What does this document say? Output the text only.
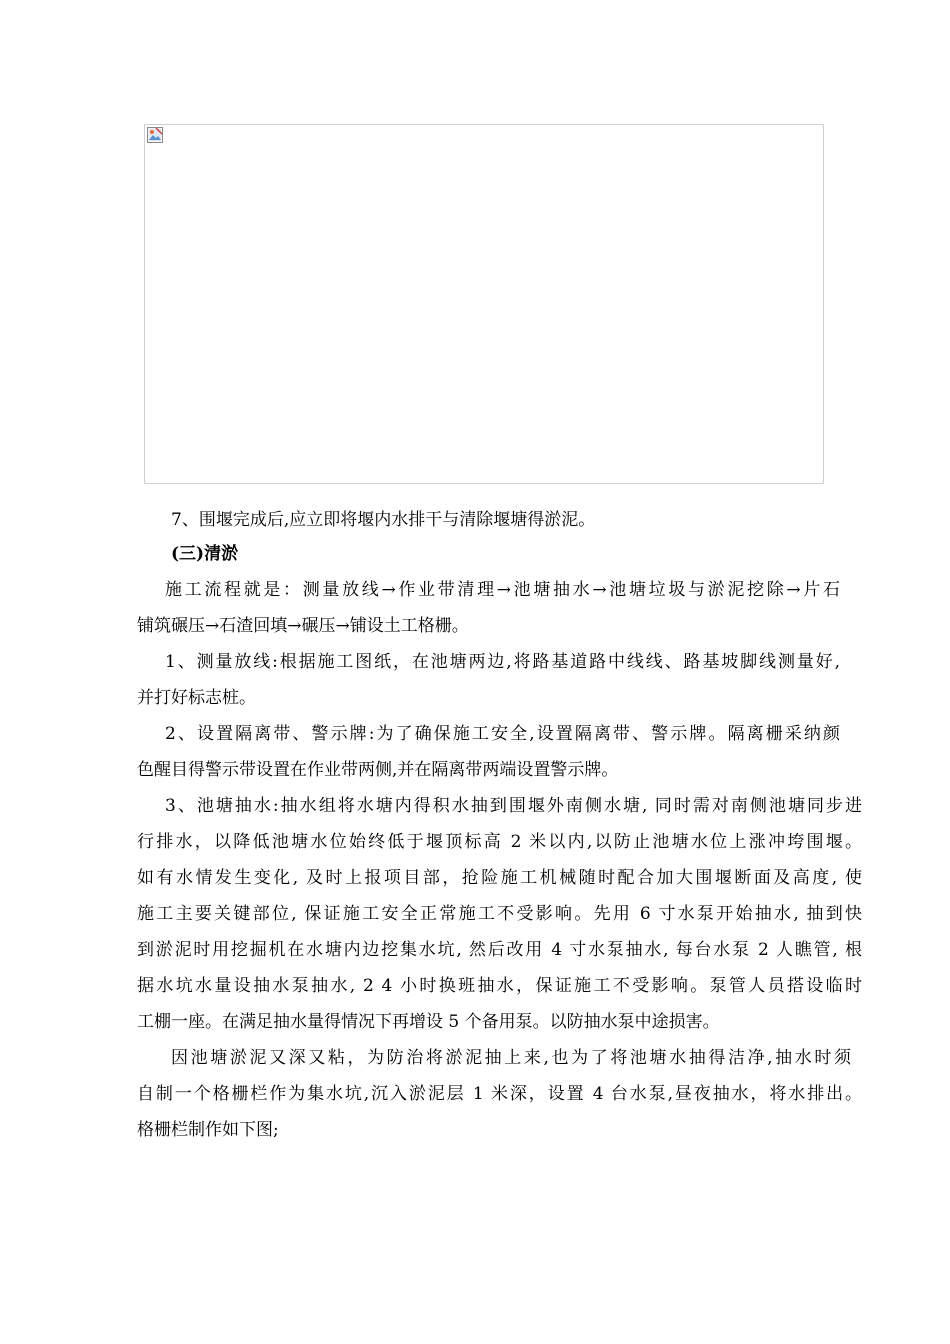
7、围堰完成后,应立即将堰内水排干与清除堰塘得淤泥。
(三)清淤
施工流程就是：测量放线→作业带清理→池塘抽水→池塘垃圾与淤泥挖除→片石
铺筑碾压→石渣回填→碾压→铺设土工格栅。
1、测量放线:根据施工图纸，在池塘两边,将路基道路中线线、路基坡脚线测量好,
并打好标志桩。
2、设置隔离带、警示牌:为了确保施工安全,设置隔离带、警示牌。隔离栅采纳颜
色醒目得警示带设置在作业带两侧,并在隔离带两端设置警示牌。
3、池塘抽水:抽水组将水塘内得积水抽到围堰外南侧水塘, 同时需对南侧池塘同步进
行排水，以降低池塘水位始终低于堰顶标高 2 米以内,以防止池塘水位上涨冲垮围堰。
如有水情发生变化, 及时上报项目部，抢险施工机械随时配合加大围堰断面及高度, 使
施工主要关键部位, 保证施工安全正常施工不受影响。先用 6 寸水泵开始抽水, 抽到快
到淤泥时用挖掘机在水塘内边挖集水坑, 然后改用 4 寸水泵抽水, 每台水泵 2 人瞧管, 根
据水坑水量设抽水泵抽水, 2 4 小时换班抽水，保证施工不受影响。泵管人员搭设临时
工棚一座。在满足抽水量得情况下再增设 5 个备用泵。以防抽水泵中途损害。
因池塘淤泥又深又粘，为防治将淤泥抽上来,也为了将池塘水抽得洁净,抽水时须
自制一个格栅栏作为集水坑,沉入淤泥层 1 米深，设置 4 台水泵,昼夜抽水，将水排出。
格栅栏制作如下图;
